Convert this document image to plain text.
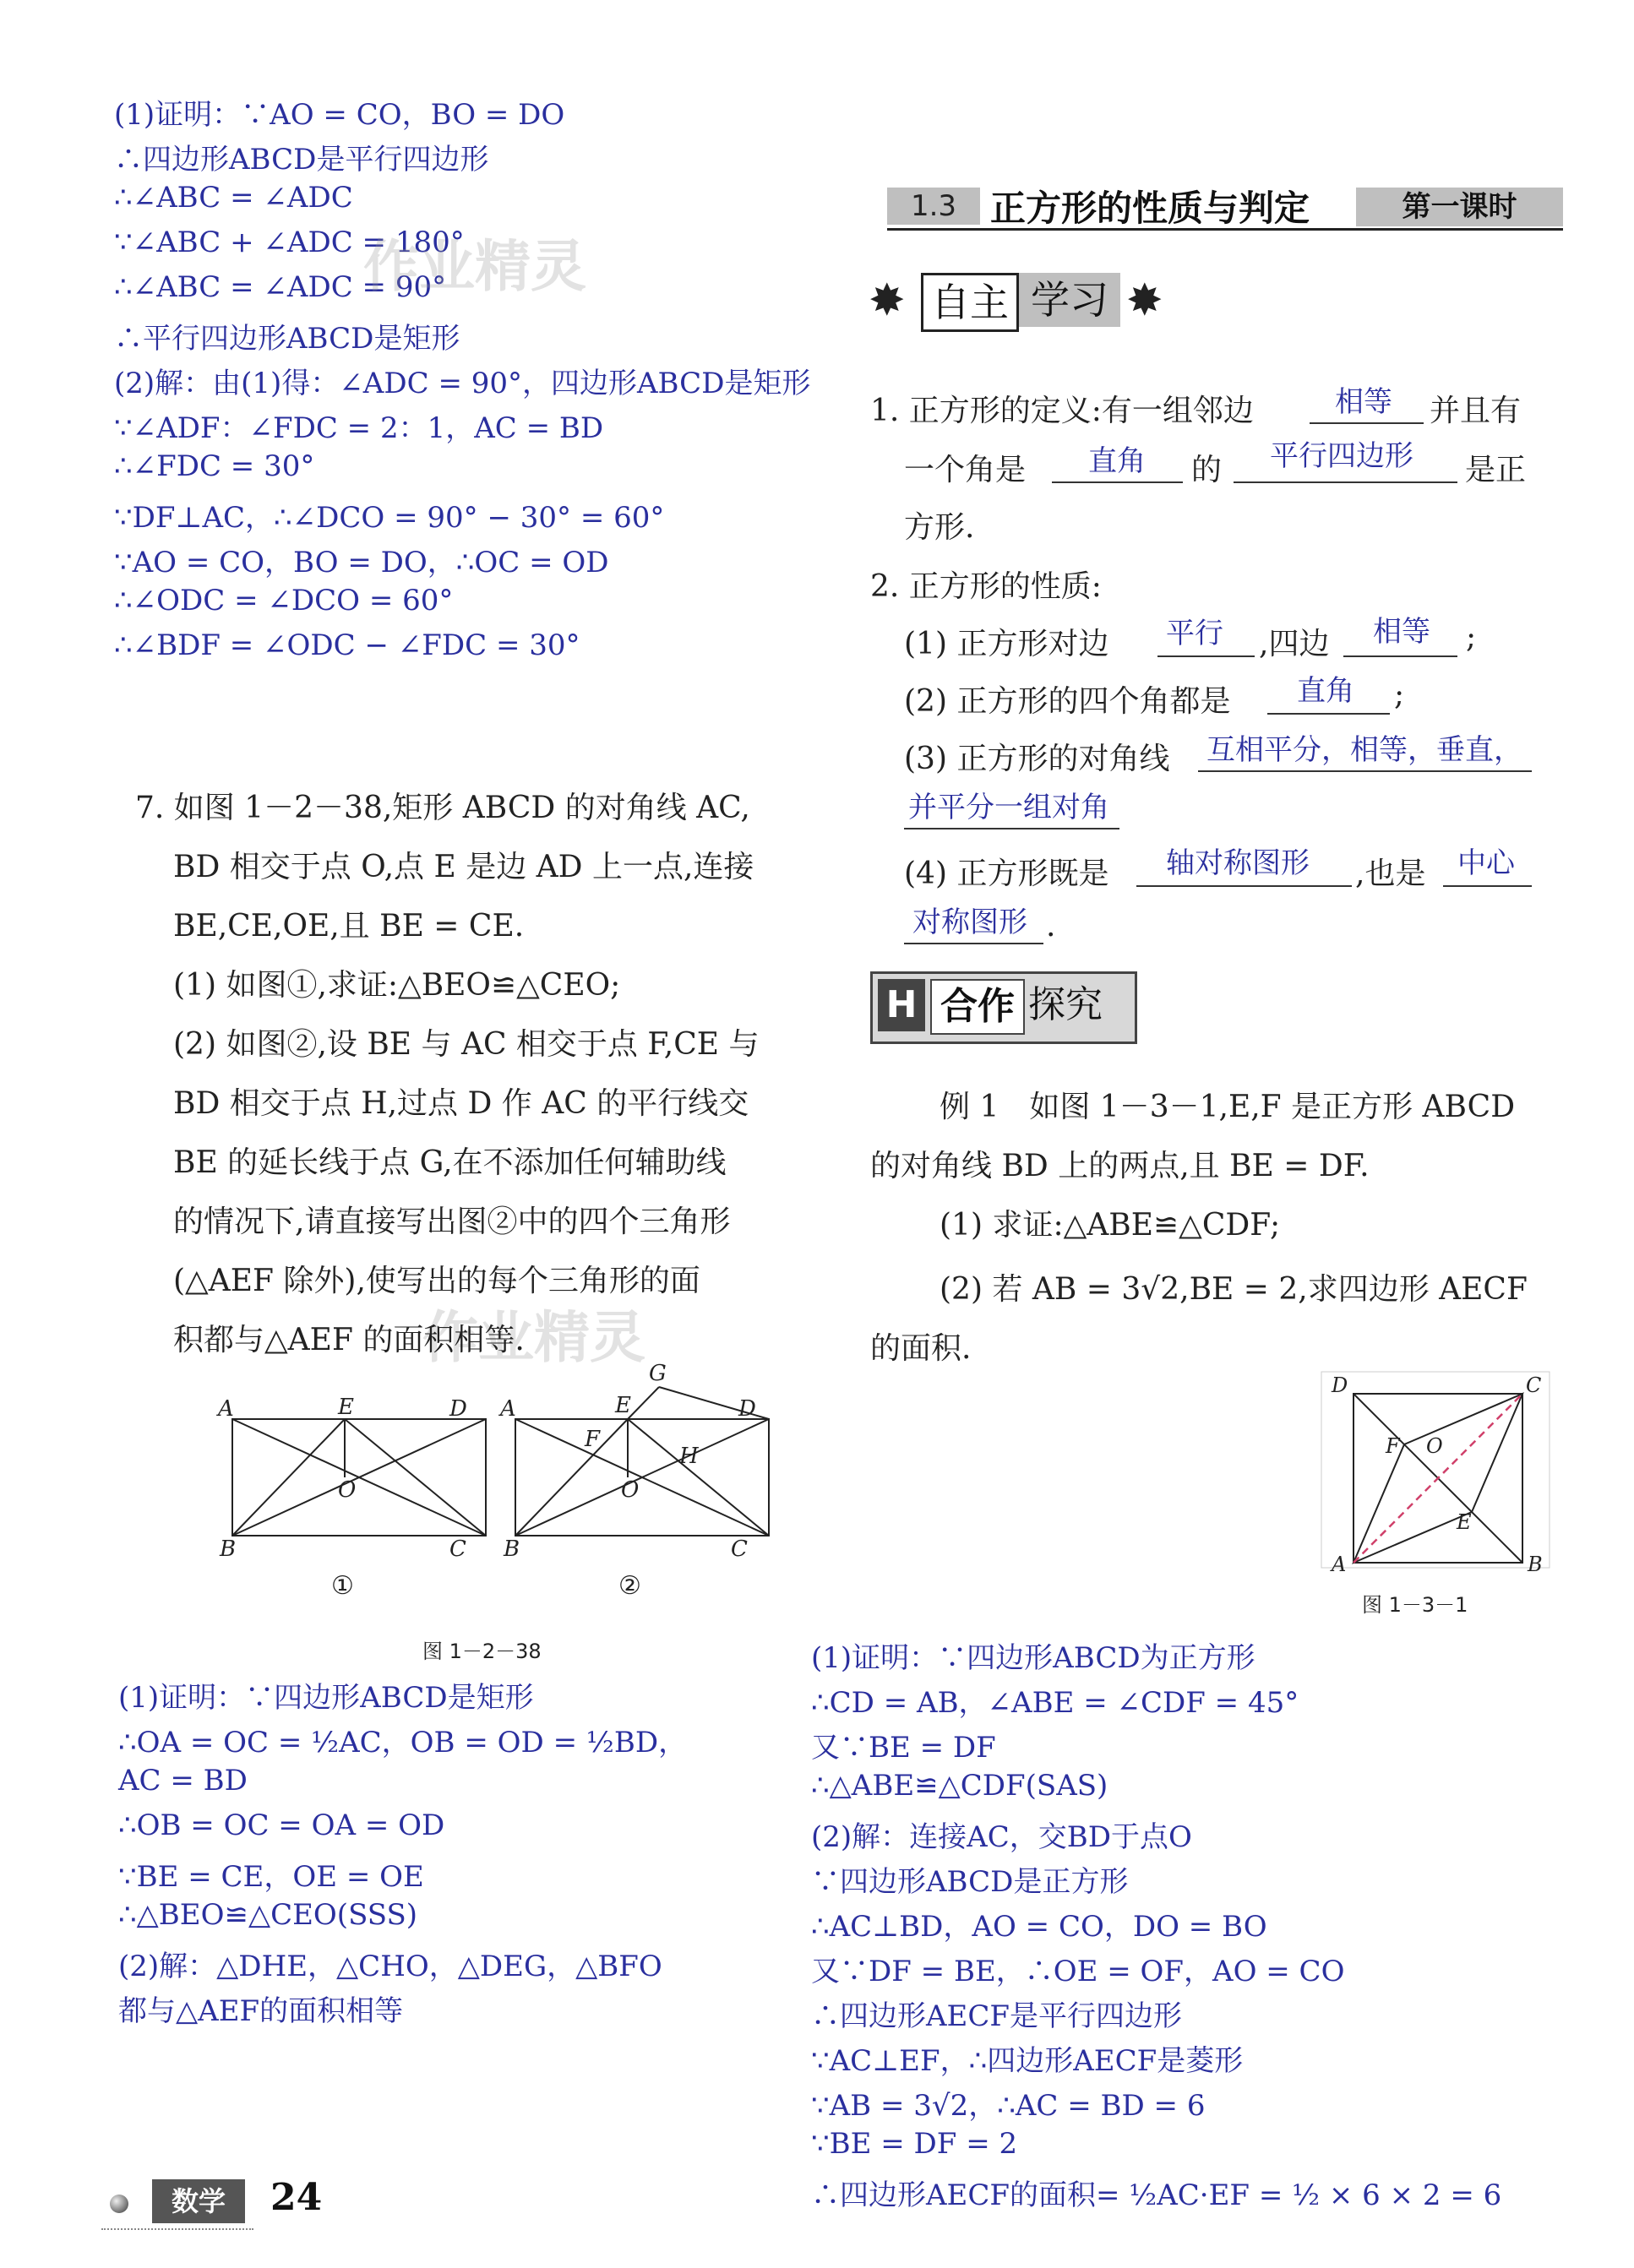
(1)证明：∵AO = CO，BO = DO
∴四边形ABCD是平行四边形
∴∠ABC = ∠ADC
∵∠ABC + ∠ADC = 180°
∴∠ABC = ∠ADC = 90°
∴平行四边形ABCD是矩形
(2)解：由(1)得：∠ADC = 90°，四边形ABCD是矩形
∵∠ADF：∠FDC = 2：1，AC = BD
∴∠FDC = 30°
∵DF⊥AC，∴∠DCO = 90° − 30° = 60°
∵AO = CO，BO = DO，∴OC = OD
∴∠ODC = ∠DCO = 60°
∴∠BDF = ∠ODC − ∠FDC = 30°
作业精灵
作业精灵
7. 如图 1－2－38,矩形 ABCD 的对角线 AC,
BD 相交于点 O,点 E 是边 AD 上一点,连接
BE,CE,OE,且 BE = CE.
(1) 如图①,求证:△BEO≌△CEO;
(2) 如图②,设 BE 与 AC 相交于点 F,CE 与
BD 相交于点 H,过点 D 作 AC 的平行线交
BE 的延长线于点 G,在不添加任何辅助线
的情况下,请直接写出图②中的四个三角形
(△AEF 除外),使写出的每个三角形的面
积都与△AEF 的面积相等.
A	E	D
O
B	C
A	E	D
G
F
H
O
B	C
①	②
图 1－2－38
(1)证明：∵四边形ABCD是矩形
∴OA = OC = ½AC，OB = OD = ½BD，
AC = BD
∴OB = OC = OA = OD
∵BE = CE，OE = OE
∴△BEO≌△CEO(SSS)
(2)解：△DHE，△CHO，△DEG，△BFO
都与△AEF的面积相等
数学	24
1.3 正方形的性质与判定	第一课时
✸ 自主 学习 ✸
1. 正方形的定义:有一组邻边	相等 并且有
一个角是 直角 的 平行四边形 是正
方形.
2. 正方形的性质:
(1) 正方形对边 平行 ,四边 相等 ;
(2) 正方形的四个角都是 直角 ;
(3) 正方形的对角线 互相平分，相等，垂直，
并平分一组对角
(4) 正方形既是 轴对称图形 ,也是 中心
对称图形 .
H 合作 探究
例 1　如图 1－3－1,E,F 是正方形 ABCD
的对角线 BD 上的两点,且 BE = DF.
(1) 求证:△ABE≌△CDF;
(2) 若 AB = 3√2,BE = 2,求四边形 AECF
的面积.
D	C
F O
E
A	B
图 1－3－1
(1)证明：∵四边形ABCD为正方形
∴CD = AB，∠ABE = ∠CDF = 45°
又∵BE = DF
∴△ABE≌△CDF(SAS)
(2)解：连接AC，交BD于点O
∵四边形ABCD是正方形
∴AC⊥BD，AO = CO，DO = BO
又∵DF = BE，∴OE = OF，AO = CO
∴四边形AECF是平行四边形
∵AC⊥EF，∴四边形AECF是菱形
∵AB = 3√2，∴AC = BD = 6
∵BE = DF = 2
∴四边形AECF的面积= ½AC·EF = ½ × 6 × 2 = 6
